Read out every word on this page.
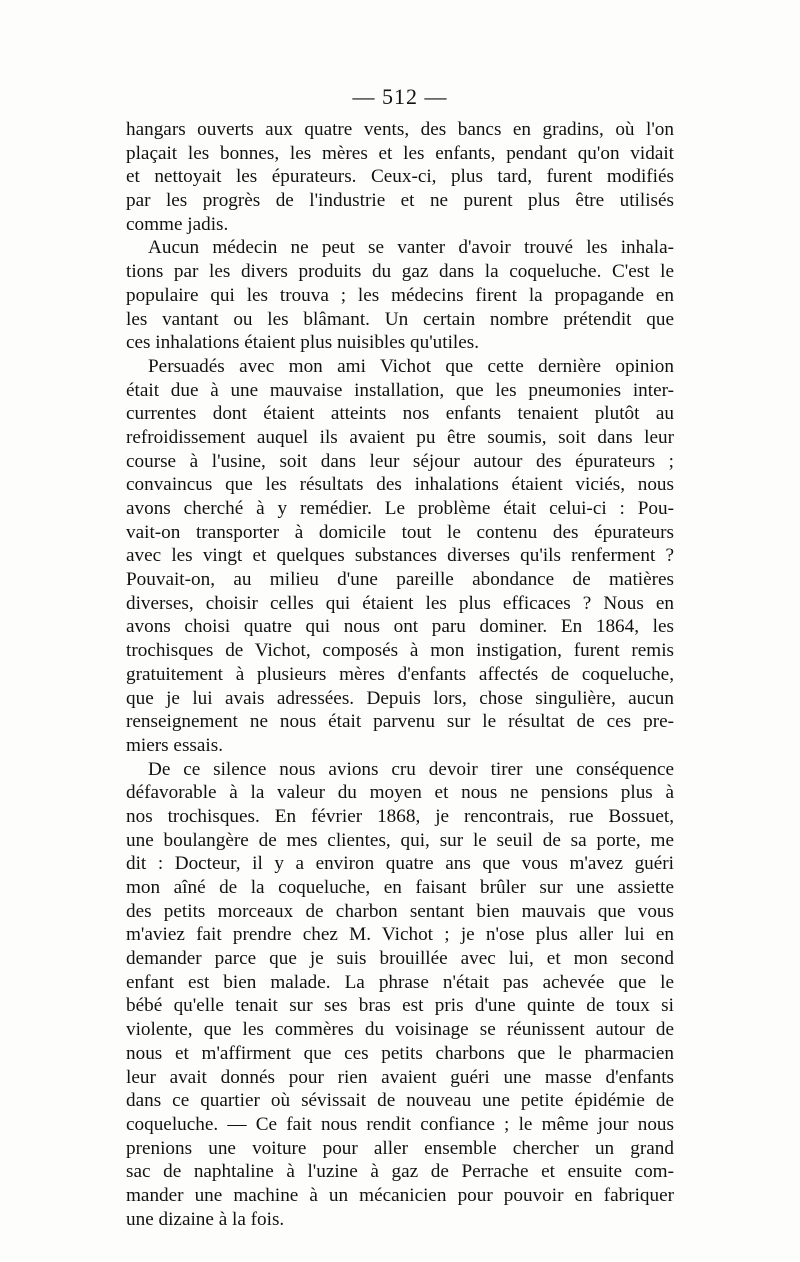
— 512 —
hangars ouverts aux quatre vents, des bancs en gradins, où l'on
plaçait les bonnes, les mères et les enfants, pendant qu'on vidait
et nettoyait les épurateurs. Ceux-ci, plus tard, furent modifiés
par les progrès de l'industrie et ne purent plus être utilisés
comme jadis.
Aucun médecin ne peut se vanter d'avoir trouvé les inhala-
tions par les divers produits du gaz dans la coqueluche. C'est le
populaire qui les trouva ; les médecins firent la propagande en
les vantant ou les blâmant. Un certain nombre prétendit que
ces inhalations étaient plus nuisibles qu'utiles.
Persuadés avec mon ami Vichot que cette dernière opinion
était due à une mauvaise installation, que les pneumonies inter-
currentes dont étaient atteints nos enfants tenaient plutôt au
refroidissement auquel ils avaient pu être soumis, soit dans leur
course à l'usine, soit dans leur séjour autour des épurateurs ;
convaincus que les résultats des inhalations étaient viciés, nous
avons cherché à y remédier. Le problème était celui-ci : Pou-
vait-on transporter à domicile tout le contenu des épurateurs
avec les vingt et quelques substances diverses qu'ils renferment ?
Pouvait-on, au milieu d'une pareille abondance de matières
diverses, choisir celles qui étaient les plus efficaces ? Nous en
avons choisi quatre qui nous ont paru dominer. En 1864, les
trochisques de Vichot, composés à mon instigation, furent remis
gratuitement à plusieurs mères d'enfants affectés de coqueluche,
que je lui avais adressées. Depuis lors, chose singulière, aucun
renseignement ne nous était parvenu sur le résultat de ces pre-
miers essais.
De ce silence nous avions cru devoir tirer une conséquence
défavorable à la valeur du moyen et nous ne pensions plus à
nos trochisques. En février 1868, je rencontrais, rue Bossuet,
une boulangère de mes clientes, qui, sur le seuil de sa porte, me
dit : Docteur, il y a environ quatre ans que vous m'avez guéri
mon aîné de la coqueluche, en faisant brûler sur une assiette
des petits morceaux de charbon sentant bien mauvais que vous
m'aviez fait prendre chez M. Vichot ; je n'ose plus aller lui en
demander parce que je suis brouillée avec lui, et mon second
enfant est bien malade. La phrase n'était pas achevée que le
bébé qu'elle tenait sur ses bras est pris d'une quinte de toux si
violente, que les commères du voisinage se réunissent autour de
nous et m'affirment que ces petits charbons que le pharmacien
leur avait donnés pour rien avaient guéri une masse d'enfants
dans ce quartier où sévissait de nouveau une petite épidémie de
coqueluche. — Ce fait nous rendit confiance ; le même jour nous
prenions une voiture pour aller ensemble chercher un grand
sac de naphtaline à l'uzine à gaz de Perrache et ensuite com-
mander une machine à un mécanicien pour pouvoir en fabriquer
une dizaine à la fois.
